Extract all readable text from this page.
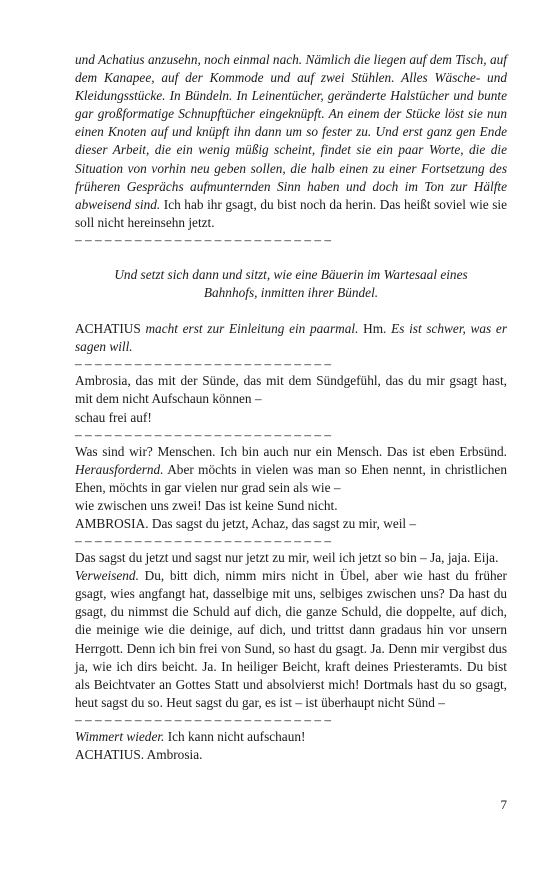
und Achatius anzusehn, noch einmal nach. Nämlich die liegen auf dem Tisch, auf dem Kanapee, auf der Kommode und auf zwei Stühlen. Alles Wäsche- und Kleidungsstücke. In Bündeln. In Leinentücher, geränderte Halstücher und bunte gar großformatige Schnupftücher eingeknüpft. An einem der Stücke löst sie nun einen Knoten auf und knüpft ihn dann um so fester zu. Und erst ganz gen Ende dieser Arbeit, die ein wenig müßig scheint, findet sie ein paar Worte, die die Situation von vorhin neu geben sollen, die halb einen zu einer Fortsetzung des früheren Gesprächs aufmunternden Sinn haben und doch im Ton zur Hälfte abweisend sind. Ich hab ihr gsagt, du bist noch da herin. Das heißt soviel wie sie soll nicht hereinsehn jetzt.

– – – – – – – – – – – – – – – – – – – – – – – – – –

Und setzt sich dann und sitzt, wie eine Bäuerin im Wartesaal eines
Bahnhofs, inmitten ihrer Bündel.

ACHATIUS macht erst zur Einleitung ein paarmal. Hm. Es ist schwer, was er sagen will.

– – – – – – – – – – – – – – – – – – – – – – – – – –

Ambrosia, das mit der Sünde, das mit dem Sündgefühl, das du mir gsagt hast, mit dem nicht Aufschaun können –
schau frei auf!

– – – – – – – – – – – – – – – – – – – – – – – – – –

Was sind wir? Menschen. Ich bin auch nur ein Mensch. Das ist eben Erbsünd. Herausfordernd. Aber möchts in vielen was man so Ehen nennt, in christlichen Ehen, möchts in gar vielen nur grad sein als wie –

wie zwischen uns zwei! Das ist keine Sund nicht.

AMBROSIA. Das sagst du jetzt, Achaz, das sagst zu mir, weil –

– – – – – – – – – – – – – – – – – – – – – – – – – –

Das sagst du jetzt und sagst nur jetzt zu mir, weil ich jetzt so bin – Ja, jaja. Eija.

Verweisend. Du, bitt dich, nimm mirs nicht in Übel, aber wie hast du früher gsagt, wies angfangt hat, dasselbige mit uns, selbiges zwischen uns? Da hast du gsagt, du nimmst die Schuld auf dich, die ganze Schuld, die doppelte, auf dich, die meinige wie die deinige, auf dich, und trittst dann gradaus hin vor unsern Herrgott. Denn ich bin frei von Sund, so hast du gsagt. Ja. Denn mir vergibst dus ja, wie ich dirs beicht. Ja. In heiliger Beicht, kraft deines Priesteramts. Du bist als Beichtvater an Gottes Statt und absolvierst mich! Dortmals hast du so gsagt, heut sagst du so. Heut sagst du gar, es ist – ist überhaupt nicht Sünd –

– – – – – – – – – – – – – – – – – – – – – – – – – –

Wimmert wieder. Ich kann nicht aufschaun!

ACHATIUS. Ambrosia.

7
